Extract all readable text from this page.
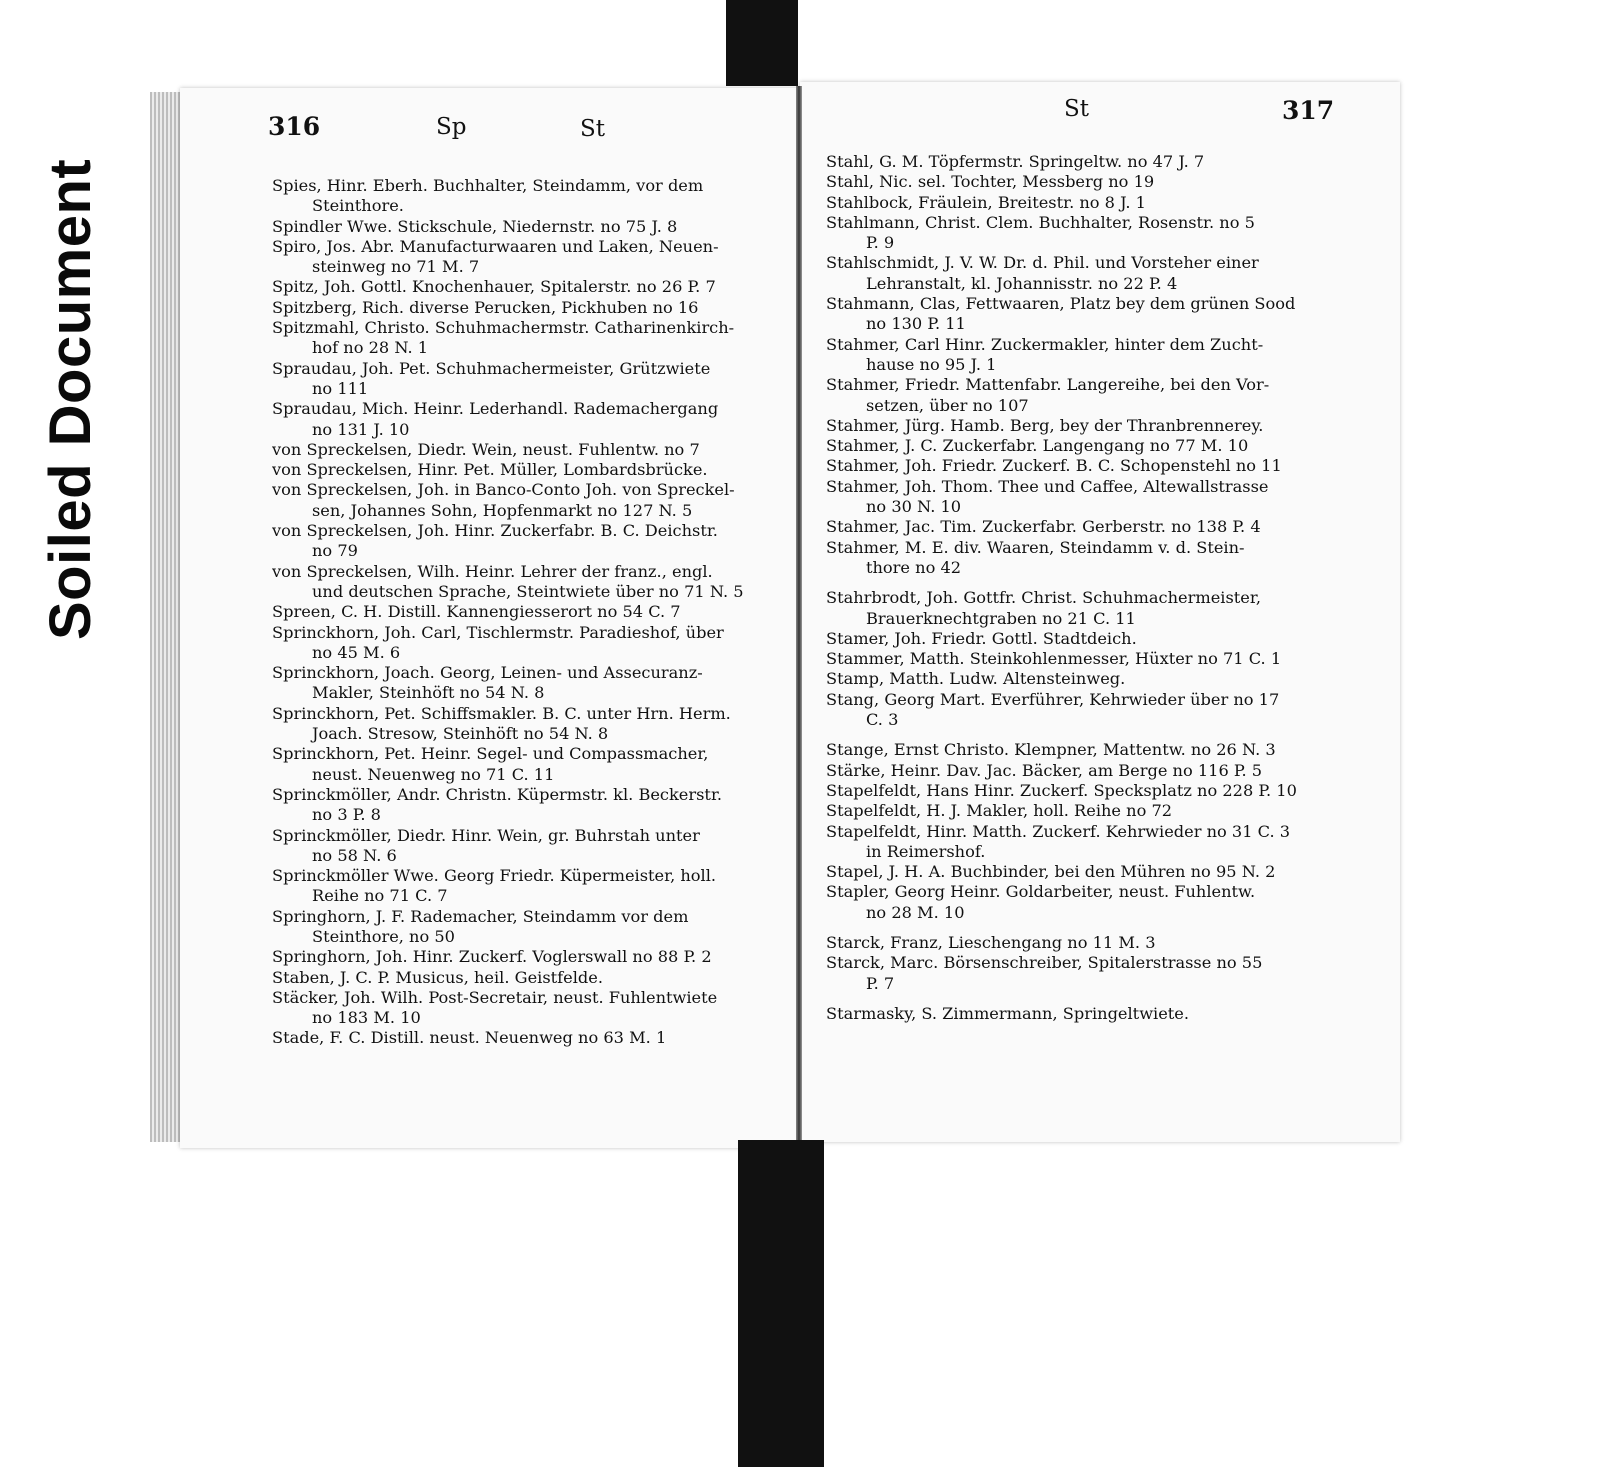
Soiled Document
316	Sp	St
St	317
Spies, Hinr. Eberh. Buchhalter, Steindamm, vor dem
Steinthore.
Spindler Wwe. Stickschule, Niedernstr. no 75 J. 8
Spiro, Jos. Abr. Manufacturwaaren und Laken, Neuen-
steinweg no 71 M. 7
Spitz, Joh. Gottl. Knochenhauer, Spitalerstr. no 26 P. 7
Spitzberg, Rich. diverse Perucken, Pickhuben no 16
Spitzmahl, Christo. Schuhmachermstr. Catharinenkirch-
hof no 28 N. 1
Spraudau, Joh. Pet. Schuhmachermeister, Grützwiete
no 111
Spraudau, Mich. Heinr. Lederhandl. Rademachergang
no 131 J. 10
von Spreckelsen, Diedr. Wein, neust. Fuhlentw. no 7
von Spreckelsen, Hinr. Pet. Müller, Lombardsbrücke.
von Spreckelsen, Joh. in Banco-Conto Joh. von Spreckel-
sen, Johannes Sohn, Hopfenmarkt no 127 N. 5
von Spreckelsen, Joh. Hinr. Zuckerfabr. B. C. Deichstr.
no 79
von Spreckelsen, Wilh. Heinr. Lehrer der franz., engl.
und deutschen Sprache, Steintwiete über no 71 N. 5
Spreen, C. H. Distill. Kannengiesserort no 54 C. 7
Sprinckhorn, Joh. Carl, Tischlermstr. Paradieshof, über
no 45 M. 6
Sprinckhorn, Joach. Georg, Leinen- und Assecuranz-
Makler, Steinhöft no 54 N. 8
Sprinckhorn, Pet. Schiffsmakler. B. C. unter Hrn. Herm.
Joach. Stresow, Steinhöft no 54 N. 8
Sprinckhorn, Pet. Heinr. Segel- und Compassmacher,
neust. Neuenweg no 71 C. 11
Sprinckmöller, Andr. Christn. Küpermstr. kl. Beckerstr.
no 3 P. 8
Sprinckmöller, Diedr. Hinr. Wein, gr. Buhrstah unter
no 58 N. 6
Sprinckmöller Wwe. Georg Friedr. Küpermeister, holl.
Reihe no 71 C. 7
Springhorn, J. F. Rademacher, Steindamm vor dem
Steinthore, no 50
Springhorn, Joh. Hinr. Zuckerf. Voglerswall no 88 P. 2
Staben, J. C. P. Musicus, heil. Geistfelde.
Stäcker, Joh. Wilh. Post-Secretair, neust. Fuhlentwiete
no 183 M. 10
Stade, F. C. Distill. neust. Neuenweg no 63 M. 1
Stahl, G. M. Töpfermstr. Springeltw. no 47 J. 7
Stahl, Nic. sel. Tochter, Messberg no 19
Stahlbock, Fräulein, Breitestr. no 8 J. 1
Stahlmann, Christ. Clem. Buchhalter, Rosenstr. no 5
P. 9
Stahlschmidt, J. V. W. Dr. d. Phil. und Vorsteher einer
Lehranstalt, kl. Johannisstr. no 22 P. 4
Stahmann, Clas, Fettwaaren, Platz bey dem grünen Sood
no 130 P. 11
Stahmer, Carl Hinr. Zuckermakler, hinter dem Zucht-
hause no 95 J. 1
Stahmer, Friedr. Mattenfabr. Langereihe, bei den Vor-
setzen, über no 107
Stahmer, Jürg. Hamb. Berg, bey der Thranbrennerey.
Stahmer, J. C. Zuckerfabr. Langengang no 77 M. 10
Stahmer, Joh. Friedr. Zuckerf. B. C. Schopenstehl no 11
Stahmer, Joh. Thom. Thee und Caffee, Altewallstrasse
no 30 N. 10
Stahmer, Jac. Tim. Zuckerfabr. Gerberstr. no 138 P. 4
Stahmer, M. E. div. Waaren, Steindamm v. d. Stein-
thore no 42
Stahrbrodt, Joh. Gottfr. Christ. Schuhmachermeister,
Brauerknechtgraben no 21 C. 11
Stamer, Joh. Friedr. Gottl. Stadtdeich.
Stammer, Matth. Steinkohlenmesser, Hüxter no 71 C. 1
Stamp, Matth. Ludw. Altensteinweg.
Stang, Georg Mart. Everführer, Kehrwieder über no 17
C. 3
Stange, Ernst Christo. Klempner, Mattentw. no 26 N. 3
Stärke, Heinr. Dav. Jac. Bäcker, am Berge no 116 P. 5
Stapelfeldt, Hans Hinr. Zuckerf. Specksplatz no 228 P. 10
Stapelfeldt, H. J. Makler, holl. Reihe no 72
Stapelfeldt, Hinr. Matth. Zuckerf. Kehrwieder no 31 C. 3
in Reimershof.
Stapel, J. H. A. Buchbinder, bei den Mühren no 95 N. 2
Stapler, Georg Heinr. Goldarbeiter, neust. Fuhlentw.
no 28 M. 10
Starck, Franz, Lieschengang no 11 M. 3
Starck, Marc. Börsenschreiber, Spitalerstrasse no 55
P. 7
Starmasky, S. Zimmermann, Springeltwiete.
